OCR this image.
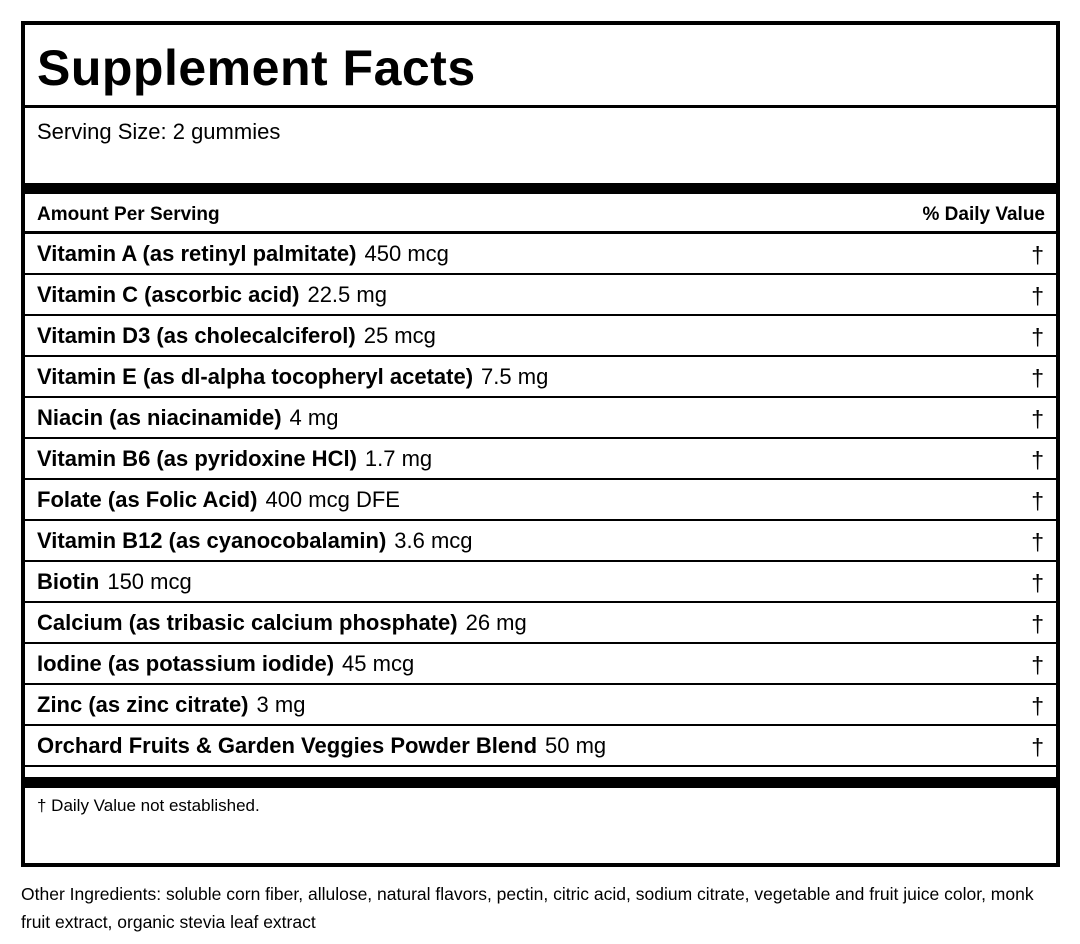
Supplement Facts
Serving Size: 2 gummies
Amount Per Serving	% Daily Value
Vitamin A (as retinyl palmitate) 450 mcg	†
Vitamin C (ascorbic acid) 22.5 mg	†
Vitamin D3 (as cholecalciferol) 25 mcg	†
Vitamin E (as dl-alpha tocopheryl acetate) 7.5 mg	†
Niacin (as niacinamide) 4 mg	†
Vitamin B6 (as pyridoxine HCl) 1.7 mg	†
Folate (as Folic Acid) 400 mcg DFE	†
Vitamin B12 (as cyanocobalamin) 3.6 mcg	†
Biotin 150 mcg	†
Calcium (as tribasic calcium phosphate) 26 mg	†
Iodine (as potassium iodide) 45 mcg	†
Zinc (as zinc citrate) 3 mg	†
Orchard Fruits & Garden Veggies Powder Blend 50 mg	†
† Daily Value not established.
Other Ingredients: soluble corn fiber, allulose, natural flavors, pectin, citric acid, sodium citrate, vegetable and fruit juice color, monk fruit extract, organic stevia leaf extract
